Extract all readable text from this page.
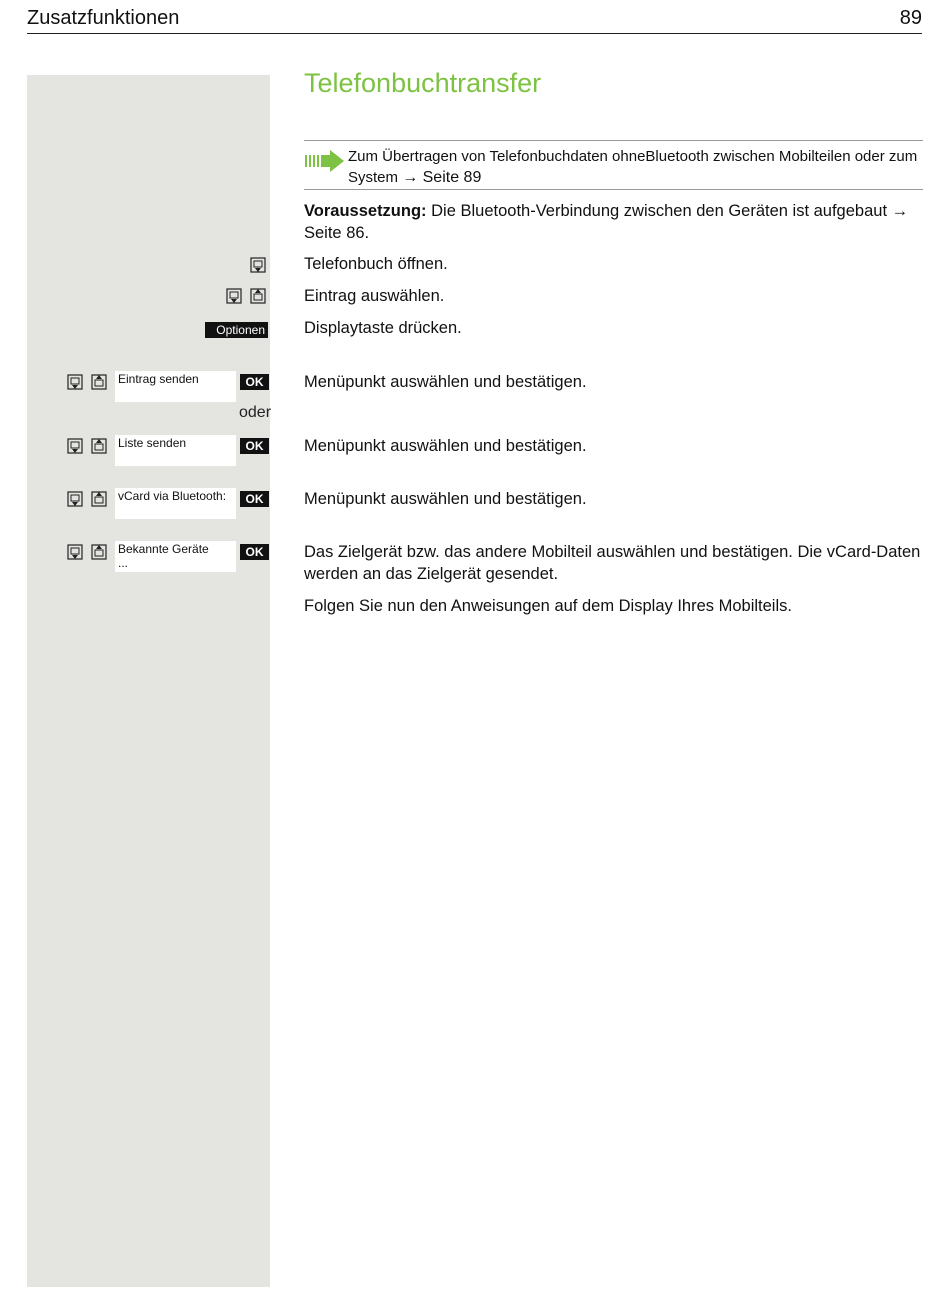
Zusatzfunktionen	89
Telefonbuchtransfer
Zum Übertragen von Telefonbuchdaten ohneBluetooth zwischen Mobilteilen oder zum System → Seite 89
Voraussetzung: Die Bluetooth-Verbindung zwischen den Geräten ist aufgebaut → Seite 86.
Telefonbuch öffnen.
Eintrag auswählen.
Optionen Displaytaste drücken.
Eintrag senden	OK	Menüpunkt auswählen und bestätigen.
oder
Liste senden	OK	Menüpunkt auswählen und bestätigen.
vCard via Bluetooth:	OK	Menüpunkt auswählen und bestätigen.
Bekannte Geräte
...
OK	Das Zielgerät bzw. das andere Mobilteil auswählen und bestätigen. Die vCard-Daten werden an das Zielgerät gesendet.
Folgen Sie nun den Anweisungen auf dem Display Ihres Mobilteils.
